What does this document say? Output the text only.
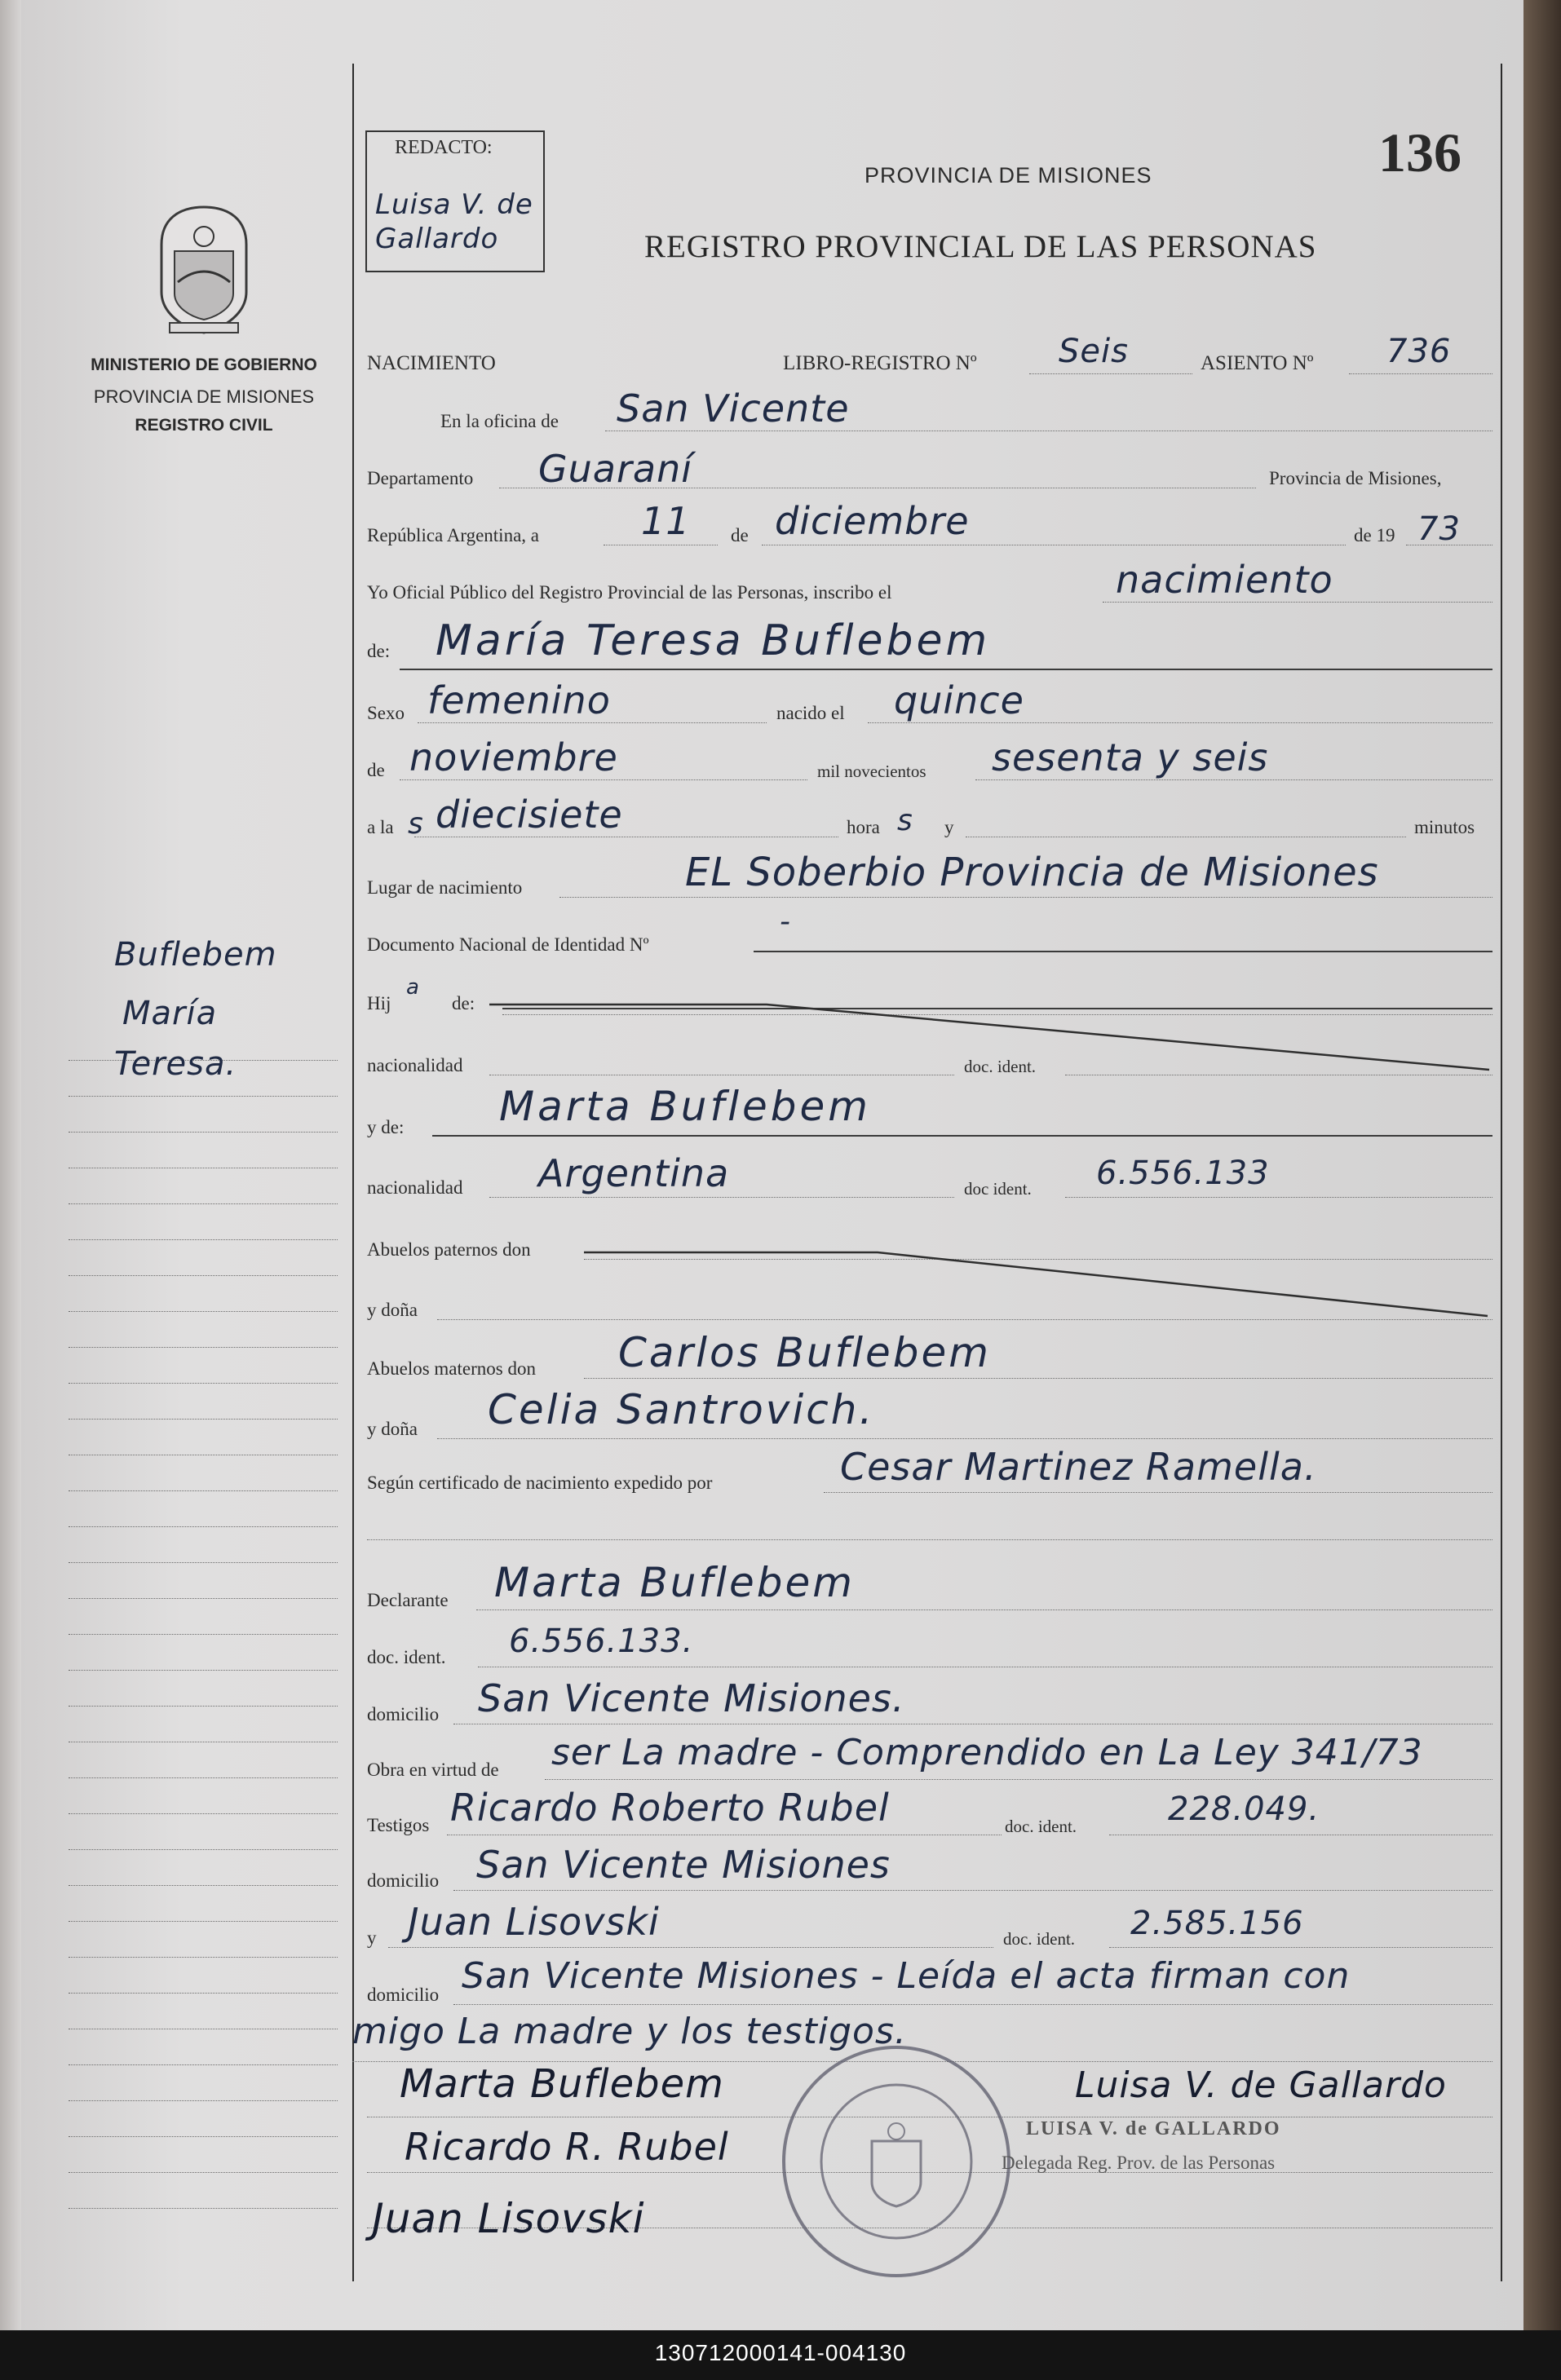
MINISTERIO DE GOBIERNO
PROVINCIA DE MISIONES
REGISTRO CIVIL
Buflebem
María
Teresa.
REDACTO:
Luisa V. de Gallardo
PROVINCIA DE MISIONES
REGISTRO PROVINCIAL DE LAS PERSONAS
136
NACIMIENTO	LIBRO-REGISTRO Nº	Seis	ASIENTO Nº 736
En la oficina de San Vicente
Departamento Guaraní	Provincia de Misiones,
República Argentina, a	11 de diciembre	de 19 73
Yo Oficial Público del Registro Provincial de las Personas, inscribo el	nacimiento
de: María Teresa Buflebem
Sexo femenino	nacido el quince
de noviembre	mil novecientos sesenta y seis
a la s diecisiete	hora s y	minutos
Lugar de nacimiento	EL Soberbio Provincia de Misiones
Documento Nacional de Identidad Nº
-
Hij
a
de:
nacionalidad	doc. ident.
y de: Marta Buflebem
nacionalidad Argentina	doc ident. 6.556.133
Abuelos paternos don
y doña
Abuelos maternos don Carlos Buflebem
y doña Celia Santrovich.
Según certificado de nacimiento expedido por	Cesar Martinez Ramella.
Declarante Marta Buflebem
doc. ident. 6.556.133.
domicilio San Vicente Misiones.
Obra en virtud de ser La madre - Comprendido en La Ley 341/73
Testigos Ricardo Roberto Rubel	doc. ident.	228.049.
domicilio San Vicente Misiones
y Juan Lisovski	doc. ident. 2.585.156
domicilio San Vicente Misiones - Leída el acta firman con
migo La madre y los testigos.
Marta Buflebem
Ricardo R. Rubel
Juan Lisovski
Luisa V. de Gallardo
LUISA V. de GALLARDO
Delegada Reg. Prov. de las Personas
130712000141-004130
